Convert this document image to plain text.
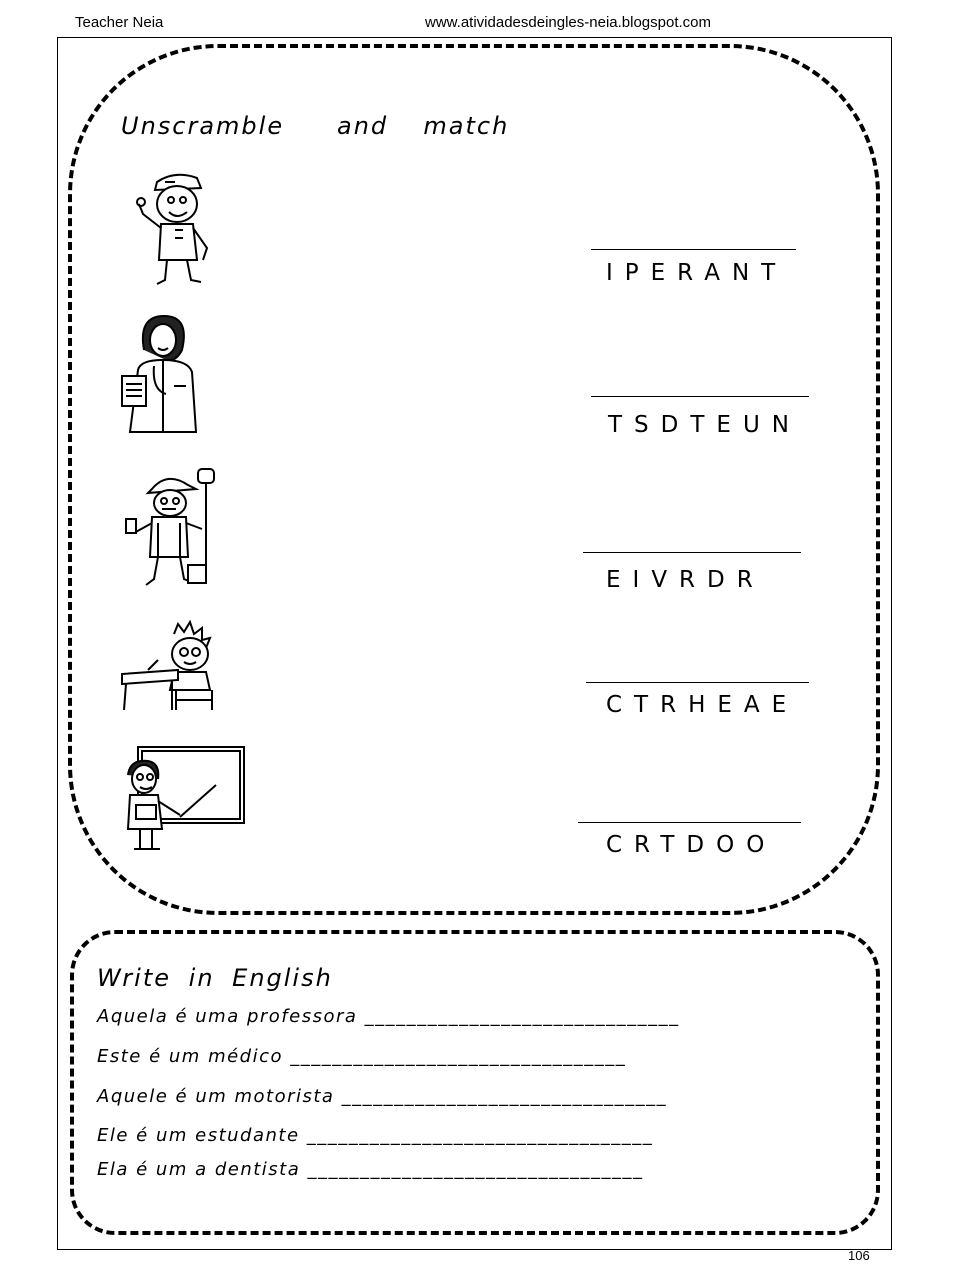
Teacher Neia	www.atividadesdeingles-neia.blogspot.com
Unscramble   and  match
IPERANT
TSDTEUN
EIVRDR
CTRHEAE
CRTDOO
Write in English
Aquela é uma professora ______________________________
Este é um médico ________________________________
Aquele é um motorista _______________________________
Ele é um estudante _________________________________
Ela é um a dentista ________________________________
106
